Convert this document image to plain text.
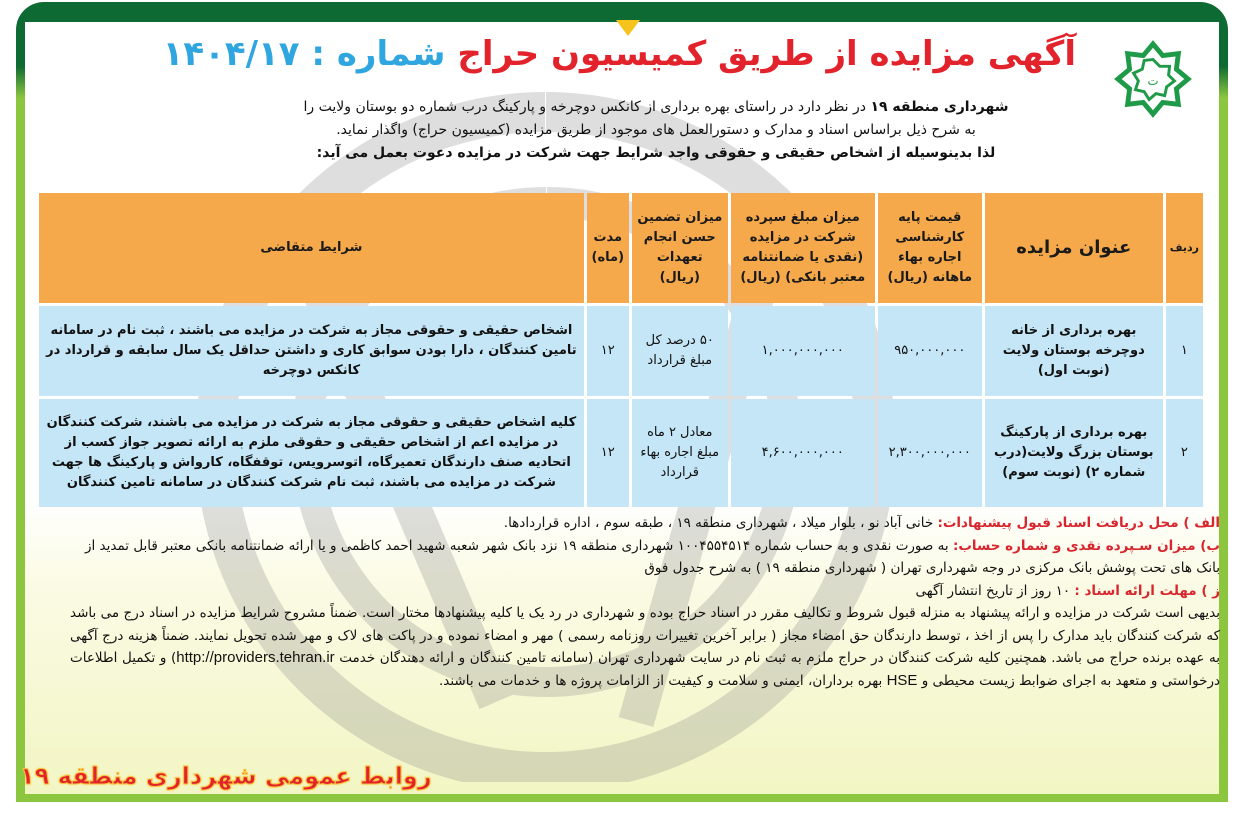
ت
آگهی مزایده از طریق کمیسیون حراج شماره : ۱۴۰۴/۱۷
شهرداری منطقه ۱۹ در نظر دارد در راستای بهره برداری از کانکس دوچرخه و پارکینگ درب شماره دو بوستان ولایت را
به شرح ذیل براساس اسناد و مدارک و دستورالعمل های موجود از طریق مزایده (کمیسیون حراج) واگذار نماید.
لذا بدینوسیله از اشخاص حقیقی و حقوقی واجد شرایط جهت شرکت در مزایده دعوت بعمل می آید:
ردیف	عنوان مزایده	قیمت پایه کارشناسی اجاره بهاء ماهانه (ریال)	میزان مبلغ سپرده شرکت در مزایده (نقدی یا ضمانتنامه معتبر بانکی) (ریال)	میزان تضمین حسن انجام تعهدات (ریال)	مدت (ماه)	شرایط متقاضی
۱	بهره برداری از خانه دوچرخه بوستان ولایت (نوبت اول)	۹۵۰,۰۰۰,۰۰۰	۱,۰۰۰,۰۰۰,۰۰۰	۵۰ درصد کل مبلغ قرارداد	۱۲	اشخاص حقیقی و حقوقی مجاز به شرکت در مزایده می باشند ، ثبت نام در سامانه تامین کنندگان ، دارا بودن سوابق کاری و داشتن حداقل یک سال سابقه و قرارداد در کانکس دوچرخه
۲	بهره برداری از پارکینگ بوستان بزرگ ولایت(درب شماره ۲) (نوبت سوم)	۲,۳۰۰,۰۰۰,۰۰۰	۴,۶۰۰,۰۰۰,۰۰۰	معادل ۲ ماه مبلغ اجاره بهاء قرارداد	۱۲	کلیه اشخاص حقیقی و حقوقی مجاز به شرکت در مزایده می باشند، شرکت کنندگان در مزایده اعم از اشخاص حقیقی و حقوقی ملزم به ارائه تصویر جواز کسب از اتحادیه صنف دارندگان تعمیرگاه، اتوسرویس، توقفگاه، کارواش و پارکینگ ها جهت شرکت در مزایده می باشند، ثبت نام شرکت کنندگان در سامانه تامین کنندگان
الف ) محل دریافت اسناد قبول پیشنهادات: خانی آباد نو ، بلوار میلاد ، شهرداری منطقه ۱۹ ، طبقه سوم ، اداره قراردادها.
ب) میزان سـپرده نقدی و شماره حساب: به صورت نقدی و به حساب شماره ۱۰۰۴۵۵۴۵۱۴ شهرداری منطقه ۱۹ نزد بانک شهر شعبه شهید احمد کاظمی و یا ارائه ضمانتنامه بانکی معتبر قابل تمدید از بانک های تحت پوشش بانک مرکزی در وجه شهرداری تهران ( شهرداری منطقه ۱۹ ) به شرح جدول فوق
ز ) مهلت ارائه اسناد : ۱۰ روز از تاریخ انتشار آگهی
بدیهی است شرکت در مزایده و ارائه پیشنهاد به منزله قبول شروط و تکالیف مقرر در اسناد حراج بوده و شهرداری در رد یک یا کلیه پیشنهادها مختار است. ضمناً مشروح شرایط مزایده در اسناد درج می باشد که شرکت کنندگان باید مدارک را پس از اخذ ، توسط دارندگان حق امضاء مجاز ( برابر آخرین تغییرات روزنامه رسمی ) مهر و امضاء نموده و در پاکت های لاک و مهر شده تحویل نمایند. ضمناً هزینه درج آگهی به عهده برنده حراج می باشد. همچنین کلیه شرکت کنندگان در حراج ملزم به ثبت نام در سایت شهرداری تهران (سامانه تامین کنندگان و ارائه دهندگان خدمت http://providers.tehran.ir) و تکمیل اطلاعات درخواستی و متعهد به اجرای ضوابط زیست محیطی و HSE بهره برداران، ایمنی و سلامت و کیفیت از الزامات پروژه ها و خدمات می باشند.
روابط عمومی شهرداری منطقه ۱۹
